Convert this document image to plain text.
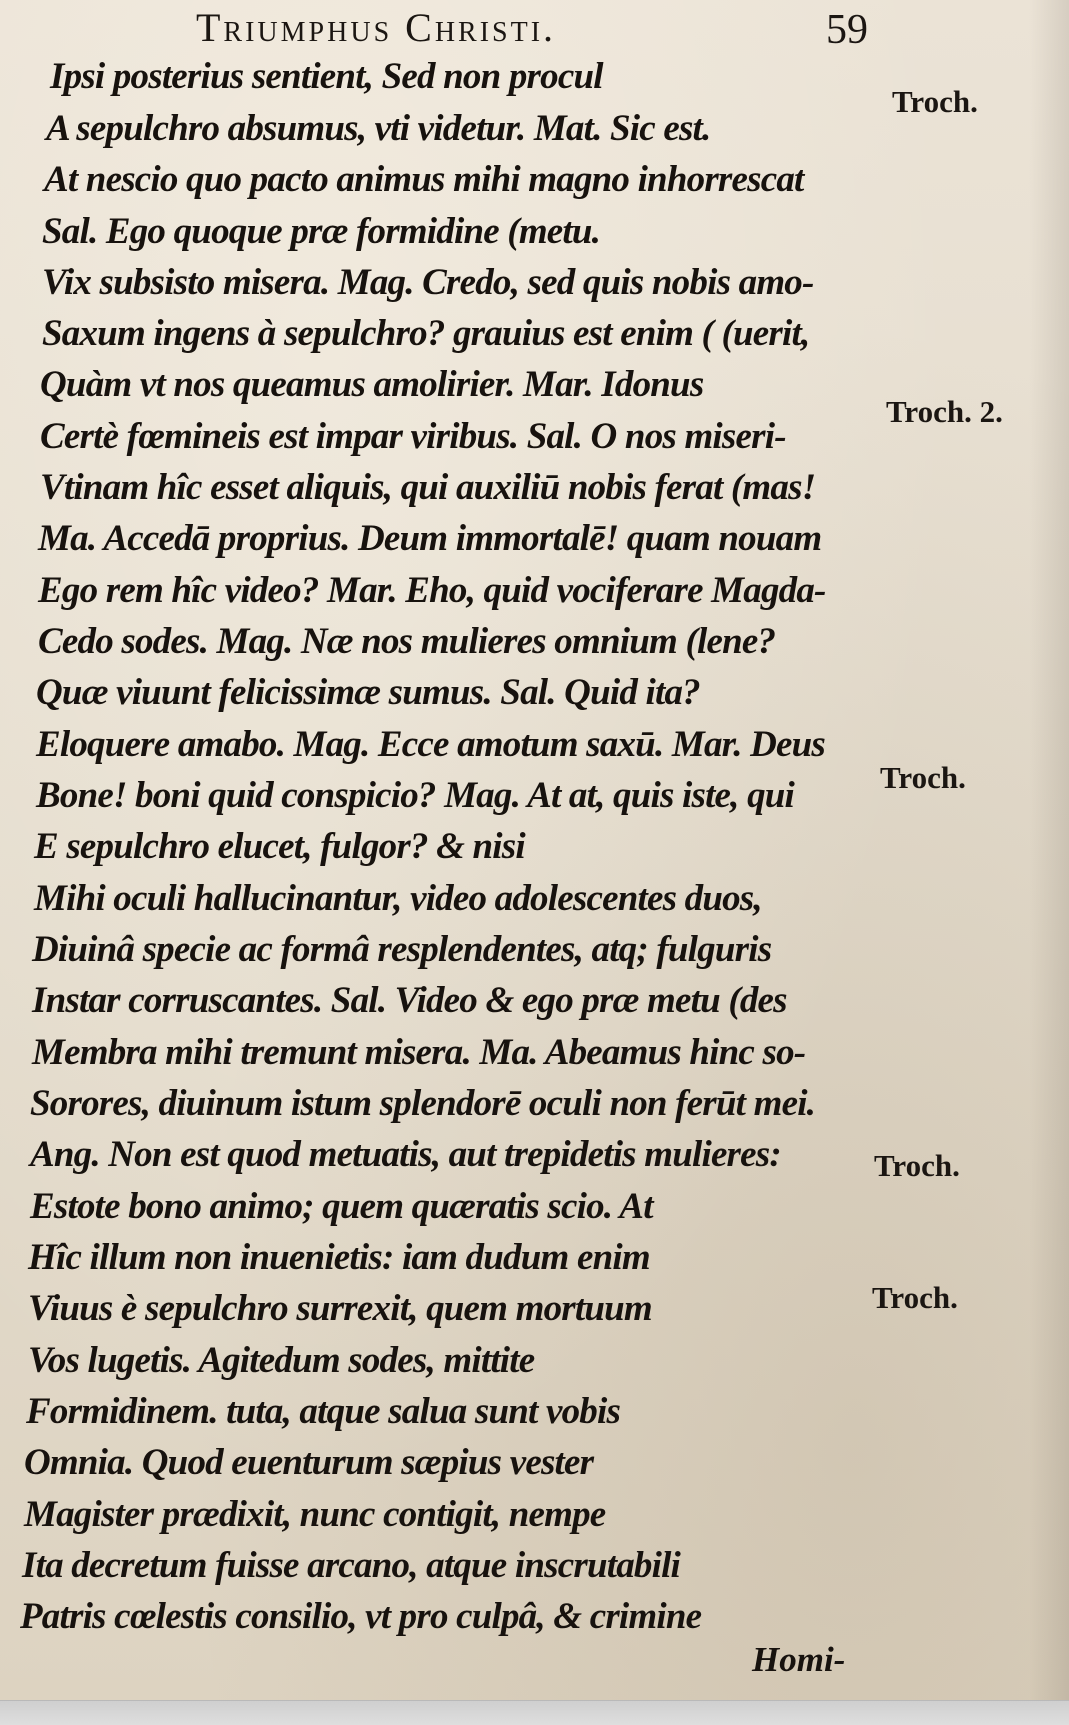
Triumphus Christi.	59
Ipsi posterius sentient, Sed non procul
A sepulchro absumus, vti videtur. Mat. Sic est.
At nescio quo pacto animus mihi magno inhorrescat
Sal. Ego quoque præ formidine (metu.
Vix subsisto misera. Mag. Credo, sed quis nobis amo-
Saxum ingens à sepulchro? grauius est enim ( (uerit,
Quàm vt nos queamus amolirier. Mar. Idonus
Certè fœmineis est impar viribus. Sal. O nos miseri-
Vtinam hîc esset aliquis, qui auxiliū nobis ferat (mas!
Ma. Accedā proprius. Deum immortalē! quam nouam
Ego rem hîc video? Mar. Eho, quid vociferare Magda-
Cedo sodes. Mag. Næ nos mulieres omnium (lene?
Quæ viuunt felicissimæ sumus. Sal. Quid ita?
Eloquere amabo. Mag. Ecce amotum saxū. Mar. Deus
Bone! boni quid conspicio? Mag. At at, quis iste, qui
E sepulchro elucet, fulgor? & nisi
Mihi oculi hallucinantur, video adolescentes duos,
Diuinâ specie ac formâ resplendentes, atq; fulguris
Instar corruscantes. Sal. Video & ego præ metu (des
Membra mihi tremunt misera. Ma. Abeamus hinc so-
Sorores, diuinum istum splendorē oculi non ferūt mei.
Ang. Non est quod metuatis, aut trepidetis mulieres:
Estote bono animo; quem quæratis scio. At
Hîc illum non inuenietis: iam dudum enim
Viuus è sepulchro surrexit, quem mortuum
Vos lugetis. Agitedum sodes, mittite
Formidinem. tuta, atque salua sunt vobis
Omnia. Quod euenturum sæpius vester
Magister prædixit, nunc contigit, nempe
Ita decretum fuisse arcano, atque inscrutabili
Patris cœlestis consilio, vt pro culpâ, & crimine
Troch.
Troch. 2.
Troch.
Troch.
Troch.
Homi-
